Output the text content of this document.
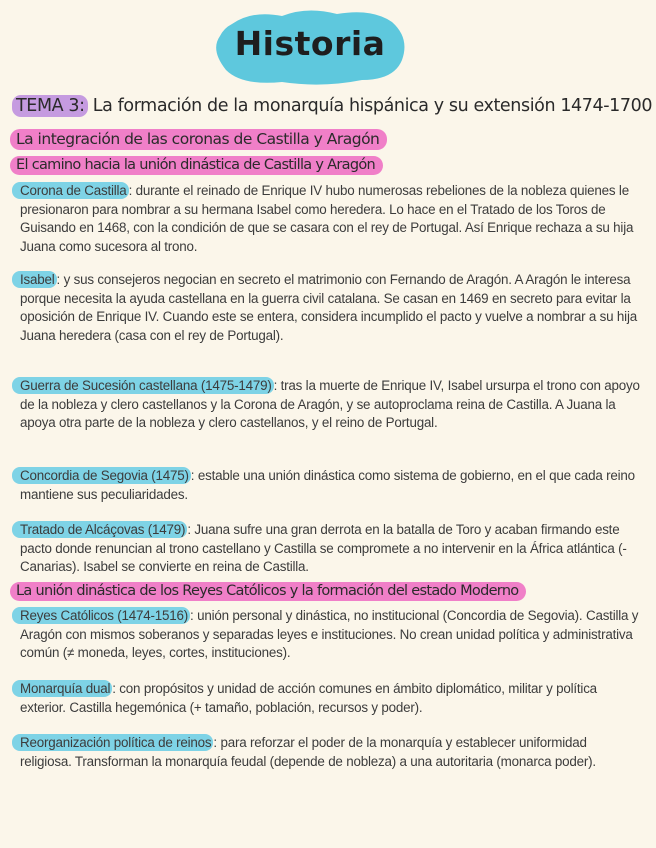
Historia
TEMA 3: La formación de la monarquía hispánica y su extensión 1474-1700
La integración de las coronas de Castilla y Aragón
El camino hacia la unión dinástica de Castilla y Aragón
Corona de Castilla : durante el reinado de Enrique IV hubo numerosas rebeliones de la nobleza quienes le presionaron para nombrar a su hermana Isabel como heredera. Lo hace en el Tratado de los Toros de Guisando en 1468, con la condición de que se casara con el rey de Portugal. Así Enrique rechaza a su hija Juana como sucesora al trono.
Isabel : y sus consejeros negocian en secreto el matrimonio con Fernando de Aragón. A Aragón le interesa porque necesita la ayuda castellana en la guerra civil catalana. Se casan en 1469 en secreto para evitar la oposición de Enrique IV. Cuando este se entera, considera incumplido el pacto y vuelve a nombrar a su hija Juana heredera (casa con el rey de Portugal).
Guerra de Sucesión castellana (1475-1479) : tras la muerte de Enrique IV, Isabel ursurpa el trono con apoyo de la nobleza y clero castellanos y la Corona de Aragón, y se autoproclama reina de Castilla. A Juana la apoya otra parte de la nobleza y clero castellanos, y el reino de Portugal.
Concordia de Segovia (1475) : estable una unión dinástica como sistema de gobierno, en el que cada reino mantiene sus peculiaridades.
Tratado de Alcáçovas (1479) : Juana sufre una gran derrota en la batalla de Toro y acaban firmando este pacto donde renuncian al trono castellano y Castilla se compromete a no intervenir en la África atlántica (- Canarias). Isabel se convierte en reina de Castilla.
La unión dinástica de los Reyes Católicos y la formación del estado Moderno
Reyes Católicos (1474-1516) : unión personal y dinástica, no institucional (Concordia de Segovia). Castilla y Aragón con mismos soberanos y separadas leyes e instituciones. No crean unidad política y administrativa común (≠ moneda, leyes, cortes, instituciones).
Monarquía dual : con propósitos y unidad de acción comunes en ámbito diplomático, militar y política exterior. Castilla hegemónica (+ tamaño, población, recursos y poder).
Reorganización política de reinos : para reforzar el poder de la monarquía y establecer uniformidad religiosa. Transforman la monarquía feudal (depende de nobleza) a una autoritaria (monarca poder).
